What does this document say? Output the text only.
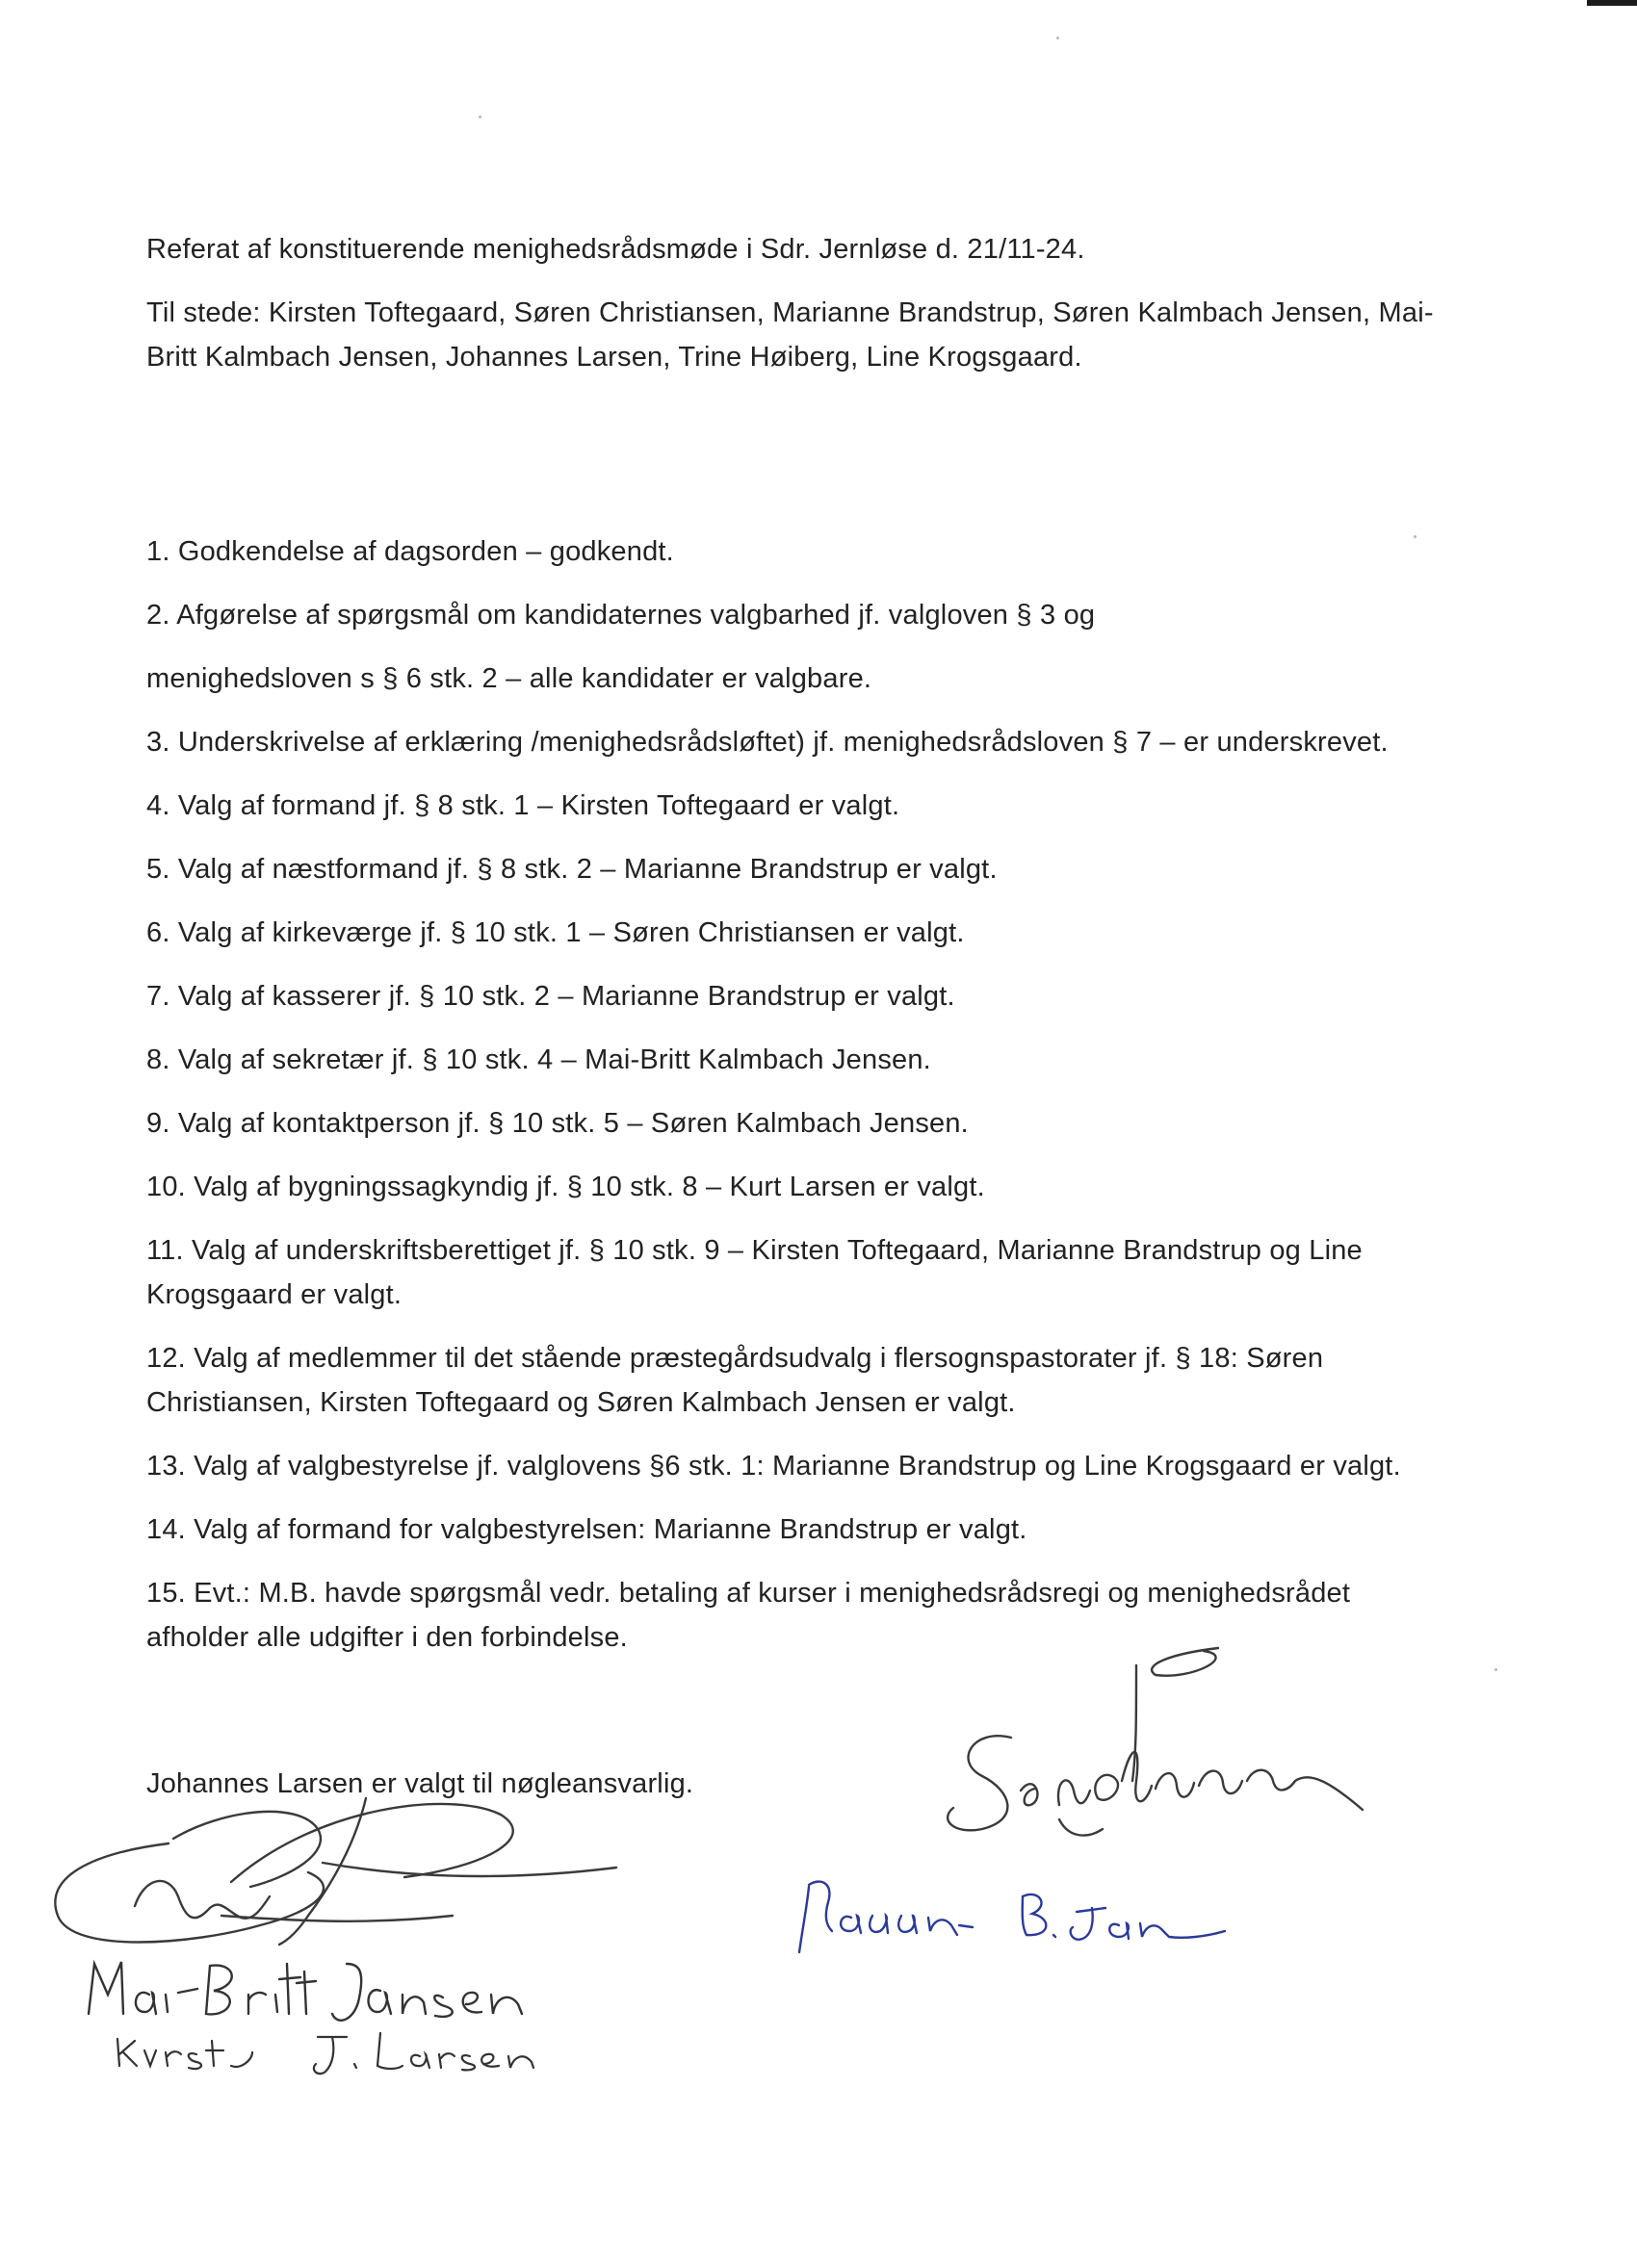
Referat af konstituerende menighedsrådsmøde i Sdr. Jernløse d. 21/11-24.

Til stede: Kirsten Toftegaard, Søren Christiansen, Marianne Brandstrup, Søren Kalmbach Jensen, Mai-Britt Kalmbach Jensen, Johannes Larsen, Trine Høiberg, Line Krogsgaard.

1. Godkendelse af dagsorden – godkendt.
2. Afgørelse af spørgsmål om kandidaternes valgbarhed jf. valgloven § 3 og
menighedsloven s § 6 stk. 2 – alle kandidater er valgbare.
3. Underskrivelse af erklæring /menighedsrådsløftet) jf. menighedsrådsloven § 7 – er underskrevet.
4. Valg af formand jf. § 8 stk. 1 – Kirsten Toftegaard er valgt.
5. Valg af næstformand jf. § 8 stk. 2 – Marianne Brandstrup er valgt.
6. Valg af kirkeværge jf. § 10 stk. 1 – Søren Christiansen er valgt.
7. Valg af kasserer jf. § 10 stk. 2 – Marianne Brandstrup er valgt.
8. Valg af sekretær jf. § 10 stk. 4 – Mai-Britt Kalmbach Jensen.
9. Valg af kontaktperson jf. § 10 stk. 5 – Søren Kalmbach Jensen.
10. Valg af bygningssagkyndig jf. § 10 stk. 8 – Kurt Larsen er valgt.
11. Valg af underskriftsberettiget jf. § 10 stk. 9 – Kirsten Toftegaard, Marianne Brandstrup og Line Krogsgaard er valgt.
12. Valg af medlemmer til det stående præstegårdsudvalg i flersognspastorater jf. § 18: Søren Christiansen, Kirsten Toftegaard og Søren Kalmbach Jensen er valgt.
13. Valg af valgbestyrelse jf. valglovens §6 stk. 1: Marianne Brandstrup og Line Krogsgaard er valgt.
14. Valg af formand for valgbestyrelsen: Marianne Brandstrup er valgt.
15. Evt.: M.B. havde spørgsmål vedr. betaling af kurser i menighedsrådsregi og menighedsrådet afholder alle udgifter i den forbindelse.

Johannes Larsen er valgt til nøgleansvarlig.
